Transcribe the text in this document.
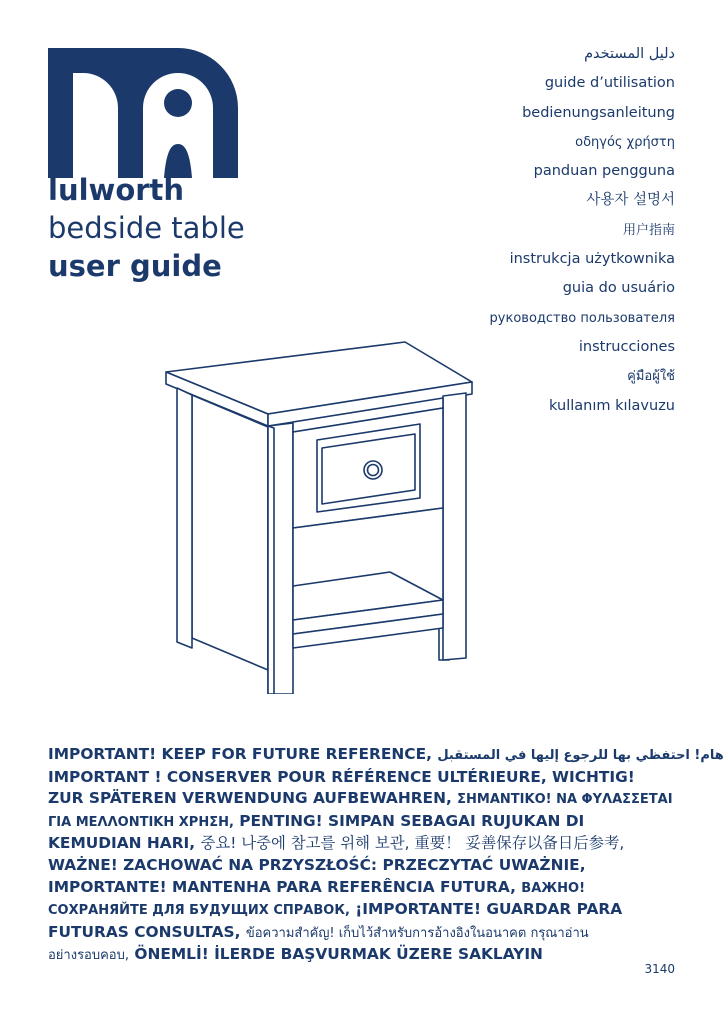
lulworth
bedside table
user guide
دليل المستخدم
guide d’utilisation
bedienungsanleitung
οδηγός χρήστη
panduan pengguna
사용자 설명서
用户指南
instrukcja użytkownika
guia do usuário
руководство пользователя
instrucciones
คู่มือผู้ใช้
kullanım kılavuzu
IMPORTANT! KEEP FOR FUTURE REFERENCE, هام! احتفظي بها للرجوع إليها في المستقبل
IMPORTANT ! CONSERVER POUR RÉFÉRENCE ULTÉRIEURE, WICHTIG!
ZUR SPÄTEREN VERWENDUNG AUFBEWAHREN, ΣΗΜΑΝΤΙΚΟ! ΝΑ ΦΥΛΑΣΣΕΤΑΙ
ΓΙΑ ΜΕΛΛΟΝΤΙΚΗ ΧΡΗΣΗ, PENTING! SIMPAN SEBAGAI RUJUKAN DI
KEMUDIAN HARI, 중요! 나중에 참고를 위해 보관, 重要！ 妥善保存以备日后参考,
WAŻNE! ZACHOWAĆ NA PRZYSZŁOŚĆ: PRZECZYTAĆ UWAŻNIE,
IMPORTANTE! MANTENHA PARA REFERÊNCIA FUTURA, ВАЖНО!
СОХРАНЯЙТЕ ДЛЯ БУДУЩИХ СПРАВОК, ¡IMPORTANTE! GUARDAR PARA
FUTURAS CONSULTAS, ข้อความสำคัญ! เก็บไว้สำหรับการอ้างอิงในอนาคต กรุณาอ่าน
อย่างรอบคอบ, ÖNEMLİ! İLERDE BAŞVURMAK ÜZERE SAKLAYIN
3140
